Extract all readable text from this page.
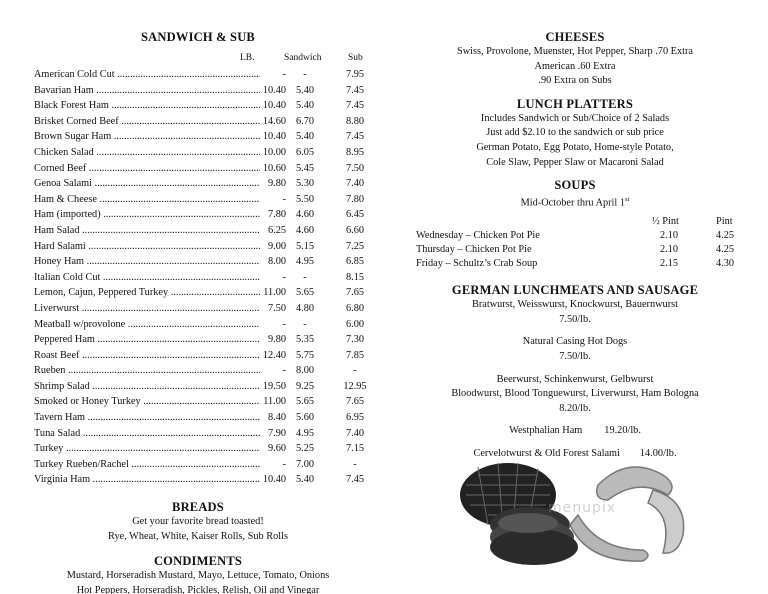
SANDWICH & SUB
LB.	Sandwich	Sub
American Cold Cut .....	-	-	7.95
Bavarian Ham .....	10.40 5.40	7.45
Black Forest Ham .....	10.40 5.40	7.45
Brisket Corned Beef .....	14.60 6.70	8.80
Brown Sugar Ham .....	10.40 5.40	7.45
Chicken Salad .....	10.00 6.05	8.95
Corned Beef .....	10.60 5.45	7.50
Genoa Salami .....	9.80 5.30	7.40
Ham & Cheese .....	- 5.50	7.80
Ham (imported) .....	7.80 4.60	6.45
Ham Salad .....	6.25 4.60	6.60
Hard Salami .....	9.00 5.15	7.25
Honey Ham .....	8.00 4.95	6.85
Italian Cold Cut .....	-	-	8.15
Lemon, Cajun, Peppered Turkey .....	11.00 5.65	7.65
Liverwurst .....	7.50 4.80	6.80
Meatball w/provolone .....	-	-	6.00
Peppered Ham .....	9.80 5.35	7.30
Roast Beef .....	12.40 5.75	7.85
Rueben .....	- 8.00	-
Shrimp Salad .....	19.50 9.25	12.95
Smoked or Honey Turkey .....	11.00 5.65	7.65
Tavern Ham .....	8.40 5.60	6.95
Tuna Salad .....	7.90 4.95	7.40
Turkey .....	9.60 5.25	7.15
Turkey Rueben/Rachel .....	- 7.00	-
Virginia Ham .....	10.40 5.40	7.45
BREADS
Get your favorite bread toasted!
Rye, Wheat, White, Kaiser Rolls, Sub Rolls
CONDIMENTS
Mustard, Horseradish Mustard, Mayo, Lettuce, Tomato, Onions
Hot Peppers, Horseradish, Pickles, Relish, Oil and Vinegar
CHEESES
Swiss, Provolone, Muenster, Hot Pepper, Sharp .70 Extra
American .60 Extra
.90 Extra on Subs
LUNCH PLATTERS
Includes Sandwich or Sub/Choice of 2 Salads
Just add $2.10 to the sandwich or sub price
German Potato, Egg Potato, Home-style Potato,
Cole Slaw, Pepper Slaw or Macaroni Salad
SOUPS
Mid-October thru April 1st
½ Pint	Pint
Wednesday – Chicken Pot Pie	2.10	4.25
Thursday – Chicken Pot Pie	2.10	4.25
Friday – Schultz’s Crab Soup	2.15	4.30
GERMAN LUNCHMEATS AND SAUSAGE
Bratwurst, Weisswurst, Knockwurst, Bauernwurst
7.50/lb.
Natural Casing Hot Dogs
7.50/lb.
Beerwurst, Schinkenwurst, Gelbwurst
Bloodwurst, Blood Tonguewurst, Liverwurst, Ham Bologna
8.20/lb.
Westphalian Ham 19.20/lb.
Cervelotwurst & Old Forest Salami 14.00/lb.
menupix
